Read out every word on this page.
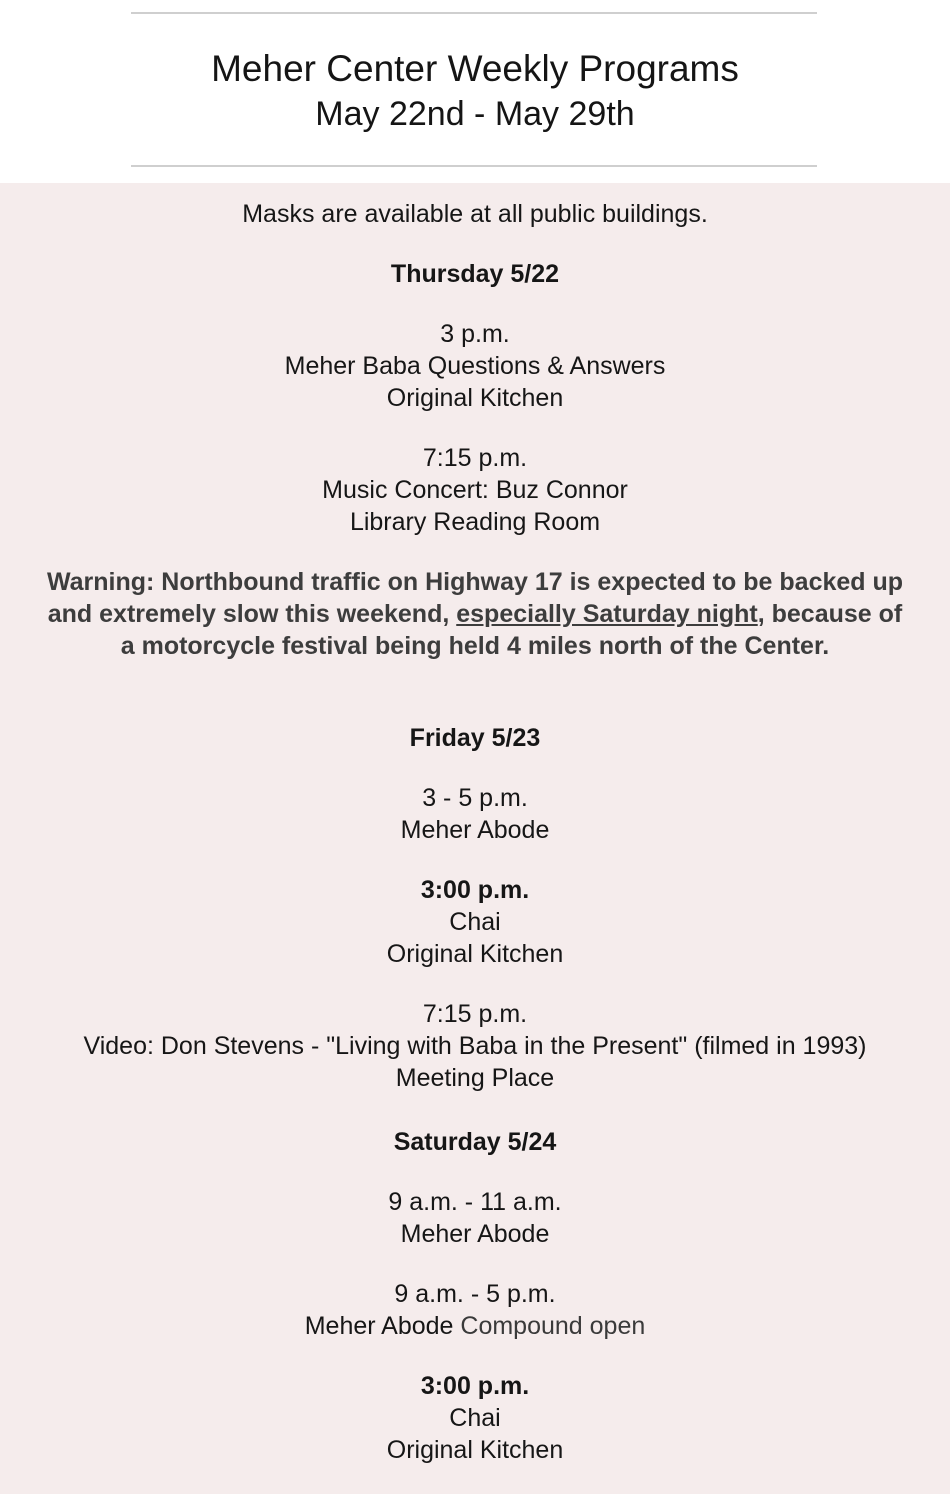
Meher Center Weekly Programs
May 22nd - May 29th
Masks are available at all public buildings.
Thursday 5/22
3 p.m.
Meher Baba Questions & Answers
Original Kitchen
7:15 p.m.
Music Concert: Buz Connor
Library Reading Room
Warning: Northbound traffic on Highway 17 is expected to be backed up and extremely slow this weekend, especially Saturday night, because of a motorcycle festival being held 4 miles north of the Center.
Friday 5/23
3 - 5 p.m.
Meher Abode
3:00 p.m.
Chai
Original Kitchen
7:15 p.m.
Video: Don Stevens - "Living with Baba in the Present" (filmed in 1993)
Meeting Place
Saturday 5/24
9 a.m. - 11 a.m.
Meher Abode
9 a.m. - 5 p.m.
Meher Abode Compound open
3:00 p.m.
Chai
Original Kitchen
